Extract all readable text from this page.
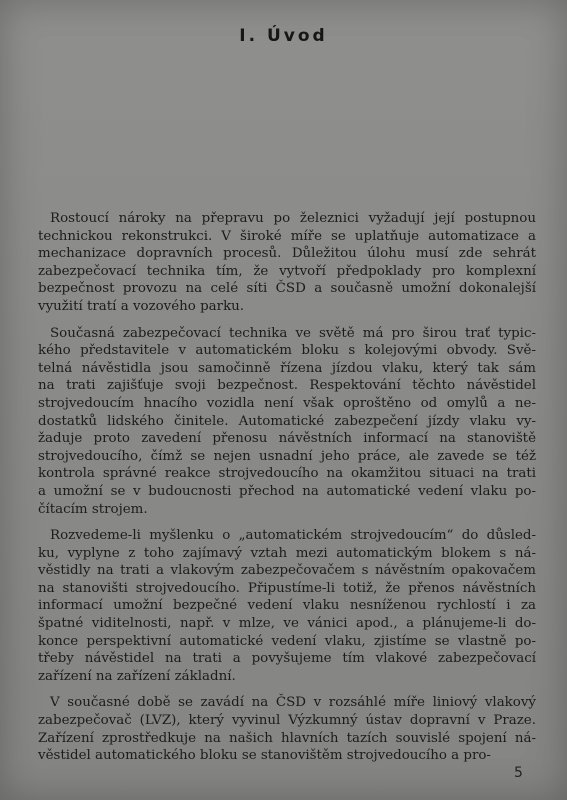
I. Úvod
Rostoucí nároky na přepravu po železnici vyžadují její postupnou
technickou rekonstrukci. V široké míře se uplatňuje automatizace a
mechanizace dopravních procesů. Důležitou úlohu musí zde sehrát
zabezpečovací technika tím, že vytvoří předpoklady pro komplexní
bezpečnost provozu na celé síti ČSD a současně umožní dokonalejší
využití tratí a vozového parku.
Současná zabezpečovací technika ve světě má pro širou trať typic-
kého představitele v automatickém bloku s kolejovými obvody. Svě-
telná návěstidla jsou samočinně řízena jízdou vlaku, který tak sám
na trati zajišťuje svoji bezpečnost. Respektování těchto návěstidel
strojvedoucím hnacího vozidla není však oproštěno od omylů a ne-
dostatků lidského činitele. Automatické zabezpečení jízdy vlaku vy-
žaduje proto zavedení přenosu návěstních informací na stanoviště
strojvedoucího, čímž se nejen usnadní jeho práce, ale zavede se též
kontrola správné reakce strojvedoucího na okamžitou situaci na trati
a umožní se v budoucnosti přechod na automatické vedení vlaku po-
čítacím strojem.
Rozvedeme-li myšlenku o „automatickém strojvedoucím“ do důsled-
ku, vyplyne z toho zajímavý vztah mezi automatickým blokem s ná-
věstidly na trati a vlakovým zabezpečovačem s návěstním opakovačem
na stanovišti strojvedoucího. Připustíme-li totiž, že přenos návěstních
informací umožní bezpečné vedení vlaku nesníženou rychlostí i za
špatné viditelnosti, např. v mlze, ve vánici apod., a plánujeme-li do-
konce perspektivní automatické vedení vlaku, zjistíme se vlastně po-
třeby návěstidel na trati a povyšujeme tím vlakové zabezpečovací
zařízení na zařízení základní.
V současné době se zavádí na ČSD v rozsáhlé míře liniový vlakový
zabezpečovač (LVZ), který vyvinul Výzkumný ústav dopravní v Praze.
Zařízení zprostředkuje na našich hlavních tazích souvislé spojení ná-
věstidel automatického bloku se stanovištěm strojvedoucího a pro-
5
